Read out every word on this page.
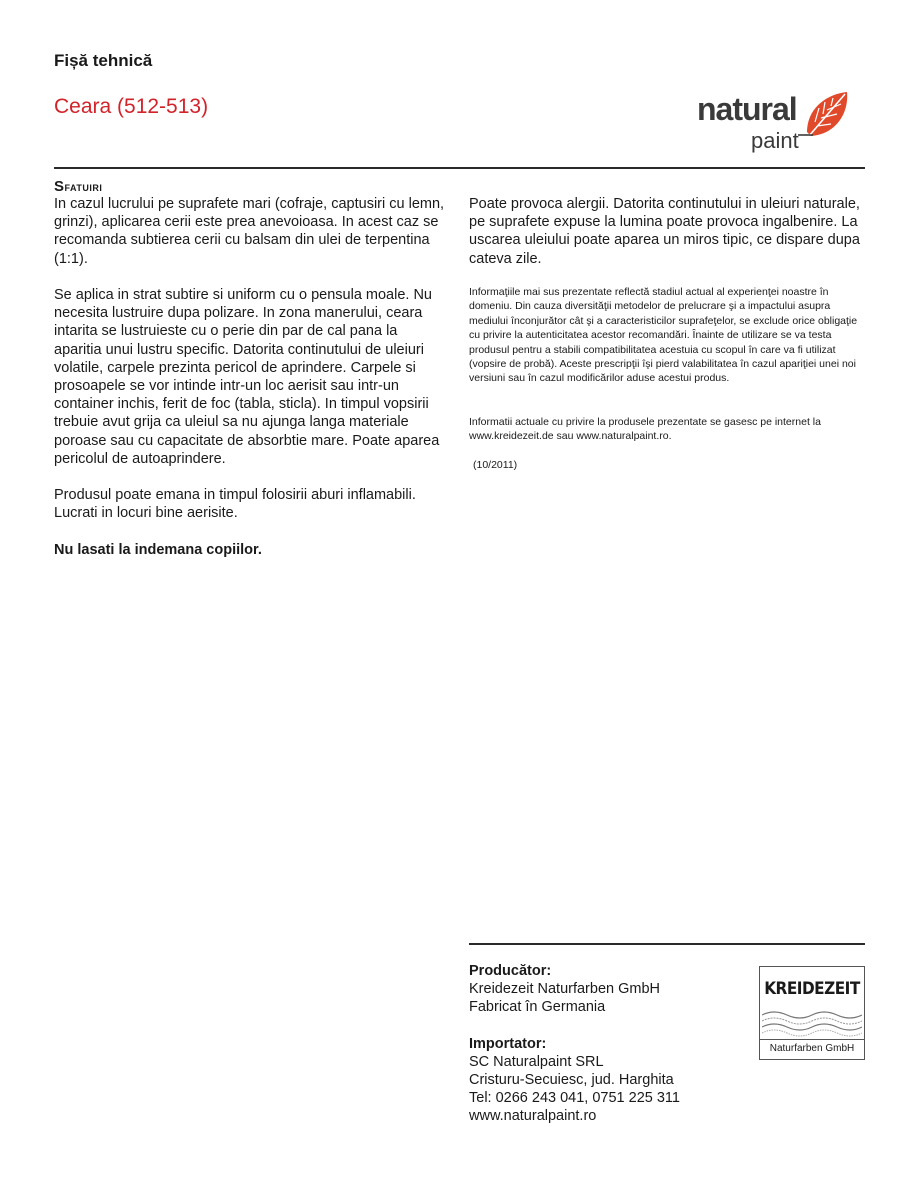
Fișă tehnică
Ceara (512-513)	natural
paint
Sfatuiri

In cazul lucrului pe suprafete mari (cofraje, captusiri cu lemn, grinzi), aplicarea cerii este prea anevoioasa. In acest caz se recomanda subtierea cerii cu balsam din ulei de terpentina (1:1).

Se aplica in strat subtire si uniform cu o pensula moale. Nu necesita lustruire dupa polizare. In zona manerului, ceara intarita se lustruieste cu o perie din par de cal pana la aparitia unui lustru specific. Datorita continutului de uleiuri volatile, carpele prezinta pericol de aprindere. Carpele si prosoapele se vor intinde intr-un loc aerisit sau intr-un container inchis, ferit de foc (tabla, sticla). In timpul vopsirii trebuie avut grija ca uleiul sa nu ajunga langa materiale poroase sau cu capacitate de absorbtie mare. Poate aparea pericolul de autoaprindere.

Produsul poate emana in timpul folosirii aburi inflamabili. Lucrati in locuri bine aerisite.

Nu lasati la indemana copiilor.

Poate provoca alergii. Datorita continutului in uleiuri naturale, pe suprafete expuse la lumina poate provoca ingalbenire. La uscarea uleiului poate aparea un miros tipic, ce dispare dupa cateva zile.

Informaţiile mai sus prezentate reflectă stadiul actual al experienţei noastre în domeniu. Din cauza diversităţii metodelor de prelucrare şi a impactului asupra mediului înconjurător cât şi a caracteristicilor suprafeţelor, se exclude orice obligaţie cu privire la autenticitatea acestor recomandări. Înainte de utilizare se va testa produsul pentru a stabili compatibilitatea acestuia cu scopul în care va fi utilizat (vopsire de probă). Aceste prescripţii îşi pierd valabilitatea în cazul apariţiei unei noi versiuni sau în cazul modificărilor aduse acestui produs.
Informatii actuale cu privire la produsele prezentate se gasesc pe internet la www.kreidezeit.de sau www.naturalpaint.ro.
(10/2011)
Producător:
Kreidezeit Naturfarben GmbH
Fabricat în Germania
Importator:
SC Naturalpaint SRL
Cristuru-Secuiesc, jud. Harghita
Tel: 0266 243 041, 0751 225 311
www.naturalpaint.ro
KREIDEZEIT
Naturfarben GmbH
